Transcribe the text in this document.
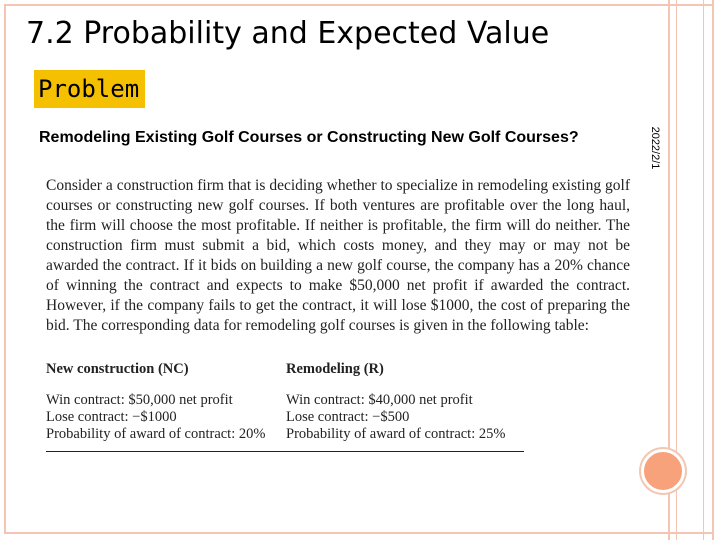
7.2 Probability and Expected Value
Problem
Remodeling Existing Golf Courses or Constructing New Golf Courses?	2022/2/1

Consider a construction firm that is deciding whether to specialize in remodeling existing golf courses or constructing new golf courses. If both ventures are profitable over the long haul, the firm will choose the most profitable. If neither is profitable, the firm will do neither. The construction firm must submit a bid, which costs money, and they may or may not be awarded the contract. If it bids on building a new golf course, the company has a 20% chance of winning the contract and expects to make $50,000 net profit if awarded the contract. However, if the company fails to get the contract, it will lose $1000, the cost of preparing the bid. The corresponding data for remodeling golf courses is given in the following table:

New construction (NC)	Remodeling (R)
Win contract: $50,000 net profit	Win contract: $40,000 net profit
Lose contract: −$1000	Lose contract: −$500
Probability of award of contract: 20%	Probability of award of contract: 25%
